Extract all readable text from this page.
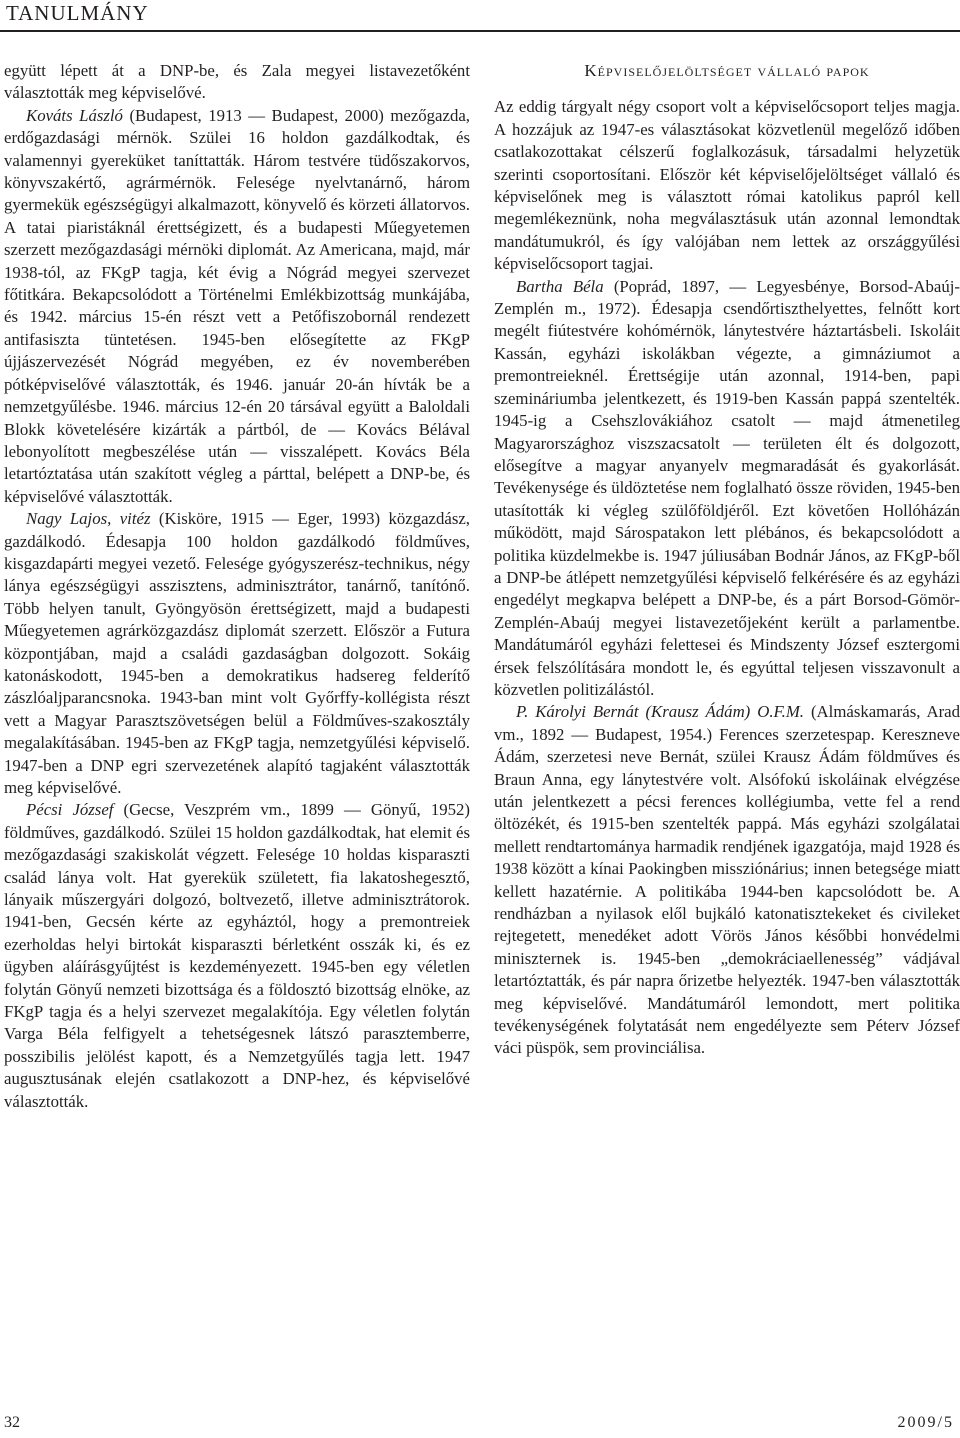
TANULMÁNY

együtt lépett át a DNP-be, és Zala megyei listavezetőként választották meg képviselővé.

Kováts László (Budapest, 1913 — Budapest, 2000) mezőgazda, erdőgazdasági mérnök. Szülei 16 holdon gazdálkodtak, és valamennyi gyereküket taníttatták. Három testvére tüdőszakorvos, könyvszakértő, agrármérnök. Felesége nyelvtanárnő, három gyermekük egészségügyi alkalmazott, könyvelő és körzeti állatorvos. A tatai piaristáknál érettségizett, és a budapesti Műegyetemen szerzett mezőgazdasági mérnöki diplomát. Az Americana, majd, már 1938-tól, az FKgP tagja, két évig a Nógrád megyei szervezet főtitkára. Bekapcsolódott a Történelmi Emlékbizottság munkájába, és 1942. március 15-én részt vett a Petőfiszobornál rendezett antifasiszta tüntetésen. 1945-ben elősegítette az FKgP újjászervezését Nógrád megyében, ez év novemberében pótképviselővé választották, és 1946. január 20-án hívták be a nemzetgyűlésbe. 1946. március 12-én 20 társával együtt a Baloldali Blokk követelésére kizárták a pártból, de — Kovács Bélával lebonyolított megbeszélése után — visszalépett. Kovács Béla letartóztatása után szakított végleg a párttal, belépett a DNP-be, és képviselővé választották.

Nagy Lajos, vitéz (Kisköre, 1915 — Eger, 1993) közgazdász, gazdálkodó. Édesapja 100 holdon gazdálkodó földműves, kisgazdapárti megyei vezető. Felesége gyógyszerész-technikus, négy lánya egészségügyi asszisztens, adminisztrátor, tanárnő, tanítónő. Több helyen tanult, Gyöngyösön érettségizett, majd a budapesti Műegyetemen agrárközgazdász diplomát szerzett. Először a Futura központjában, majd a családi gazdaságban dolgozott. Sokáig katonáskodott, 1945-ben a demokratikus hadsereg felderítő zászlóaljparancsnoka. 1943-ban mint volt Győrffy-kollégista részt vett a Magyar Parasztszövetségen belül a Földműves-szakosztály megalakításában. 1945-ben az FKgP tagja, nemzetgyűlési képviselő. 1947-ben a DNP egri szervezetének alapító tagjaként választották meg képviselővé.

Pécsi József (Gecse, Veszprém vm., 1899 — Gönyű, 1952) földműves, gazdálkodó. Szülei 15 holdon gazdálkodtak, hat elemit és mezőgazdasági szakiskolát végzett. Felesége 10 holdas kisparaszti család lánya volt. Hat gyerekük született, fia lakatoshegesztő, lányaik műszergyári dolgozó, boltvezető, illetve adminisztrátorok. 1941-ben, Gecsén kérte az egyháztól, hogy a premontreiek ezerholdas helyi birtokát kisparaszti bérletként osszák ki, és ez ügyben aláírásgyűjtést is kezdeményezett. 1945-ben egy véletlen folytán Gönyű nemzeti bizottsága és a földosztó bizottság elnöke, az FKgP tagja és a helyi szervezet megalakítója. Egy véletlen folytán Varga Béla felfigyelt a tehetségesnek látszó parasztemberre, posszibilis jelölést kapott, és a Nemzetgyűlés tagja lett. 1947 augusztusának elején csatlakozott a DNP-hez, és képviselővé választották.

Képviselőjelöltséget vállaló papok

Az eddig tárgyalt négy csoport volt a képviselőcsoport teljes magja. A hozzájuk az 1947-es választásokat közvetlenül megelőző időben csatlakozottakat célszerű foglalkozásuk, társadalmi helyzetük szerinti csoportosítani. Először két képviselőjelöltséget vállaló és képviselőnek meg is választott római katolikus papról kell megemlékeznünk, noha megválasztásuk után azonnal lemondtak mandátumukról, és így valójában nem lettek az országgyűlési képviselőcsoport tagjai.

Bartha Béla (Poprád, 1897, — Legyesbénye, Borsod-Abaúj-Zemplén m., 1972). Édesapja csendőrtiszthelyettes, felnőtt kort megélt fiútestvére kohómérnök, lánytestvére háztartásbeli. Iskoláit Kassán, egyházi iskolákban végezte, a gimnáziumot a premontreieknél. Érettségije után azonnal, 1914-ben, papi szemináriumba jelentkezett, és 1919-ben Kassán pappá szentelték. 1945-ig a Csehszlovákiához csatolt — majd átmenetileg Magyarországhoz viszszacsatolt — területen élt és dolgozott, elősegítve a magyar anyanyelv megmaradását és gyakorlását. Tevékenysége és üldöztetése nem foglalható össze röviden, 1945-ben utasították ki végleg szülőföldjéről. Ezt követően Hollóházán működött, majd Sárospatakon lett plébános, és bekapcsolódott a politika küzdelmekbe is. 1947 júliusában Bodnár János, az FKgP-ből a DNP-be átlépett nemzetgyűlési képviselő felkérésére és az egyházi engedélyt megkapva belépett a DNP-be, és a párt Borsod-Gömör-Zemplén-Abaúj megyei listavezetőjeként került a parlamentbe. Mandátumáról egyházi felettesei és Mindszenty József esztergomi érsek felszólítására mondott le, és egyúttal teljesen visszavonult a közvetlen politizálástól.

P. Károlyi Bernát (Krausz Ádám) O.F.M. (Almáskamarás, Arad vm., 1892 — Budapest, 1954.) Ferences szerzetespap. Kereszneve Ádám, szerzetesi neve Bernát, szülei Krausz Ádám földműves és Braun Anna, egy lánytestvére volt. Alsófokú iskoláinak elvégzése után jelentkezett a pécsi ferences kollégiumba, vette fel a rend öltözékét, és 1915-ben szentelték pappá. Más egyházi szolgálatai mellett rendtartománya harmadik rendjének igazgatója, majd 1928 és 1938 között a kínai Paokingben missziónárius; innen betegsége miatt kellett hazatérnie. A politikába 1944-ben kapcsolódott be. A rendházban a nyilasok elől bujkáló katonatisztekeket és civileket rejtegetett, menedéket adott Vörös János későbbi honvédelmi miniszternek is. 1945-ben „demokráciaellenesség” vádjával letartóztatták, és pár napra őrizetbe helyezték. 1947-ben választották meg képviselővé. Mandátumáról lemondott, mert politika tevékenységének folytatását nem engedélyezte sem Péterv József váci püspök, sem provinciálisa.

32	2009/5
